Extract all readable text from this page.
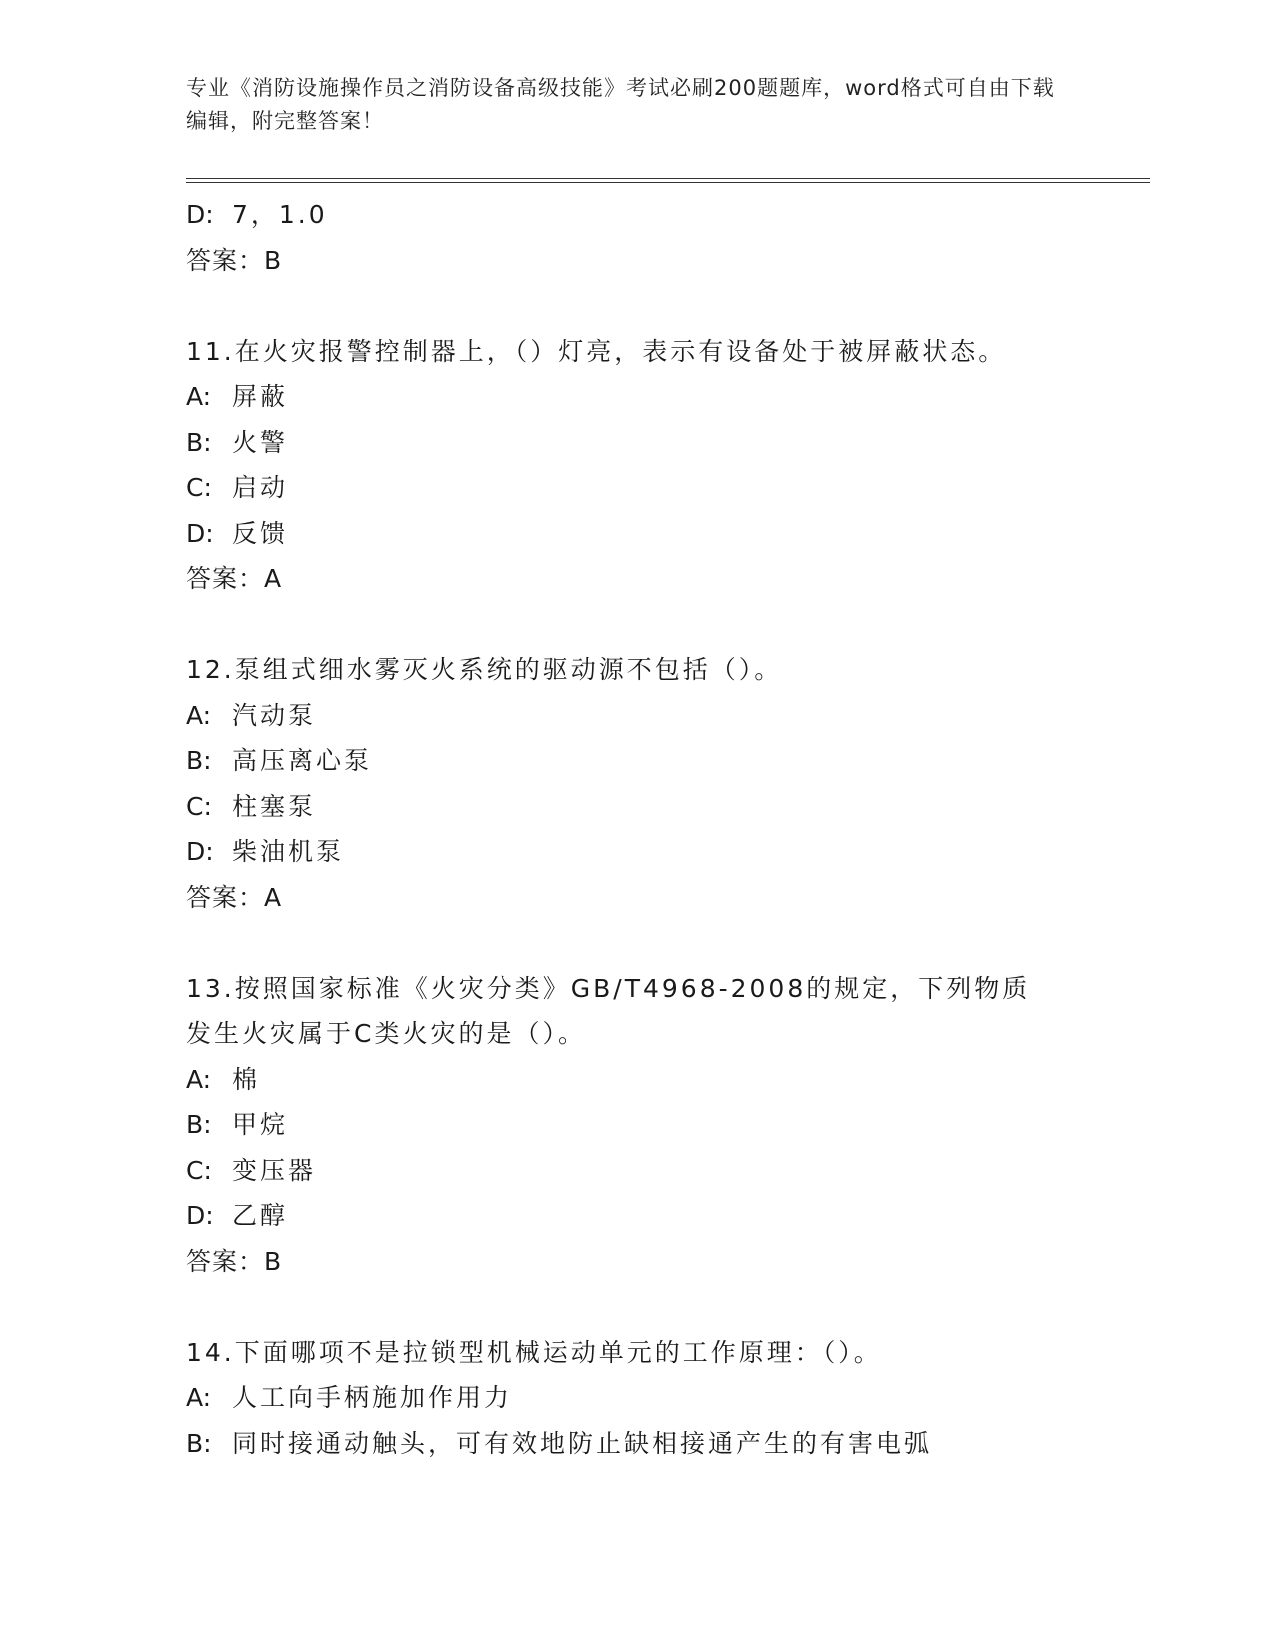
专业《消防设施操作员之消防设备高级技能》考试必刷200题题库，word格式可自由下载编辑，附完整答案！
D: 7，1.0
答案：B
11.在火灾报警控制器上，（）灯亮，表示有设备处于被屏蔽状态。
A: 屏蔽
B: 火警
C: 启动
D: 反馈
答案：A
12.泵组式细水雾灭火系统的驱动源不包括（）。
A: 汽动泵
B: 高压离心泵
C: 柱塞泵
D: 柴油机泵
答案：A
13.按照国家标准《火灾分类》GB/T4968-2008的规定，下列物质发生火灾属于C类火灾的是（）。
A: 棉
B: 甲烷
C: 变压器
D: 乙醇
答案：B
14.下面哪项不是拉锁型机械运动单元的工作原理：（）。
A: 人工向手柄施加作用力
B: 同时接通动触头，可有效地防止缺相接通产生的有害电弧
